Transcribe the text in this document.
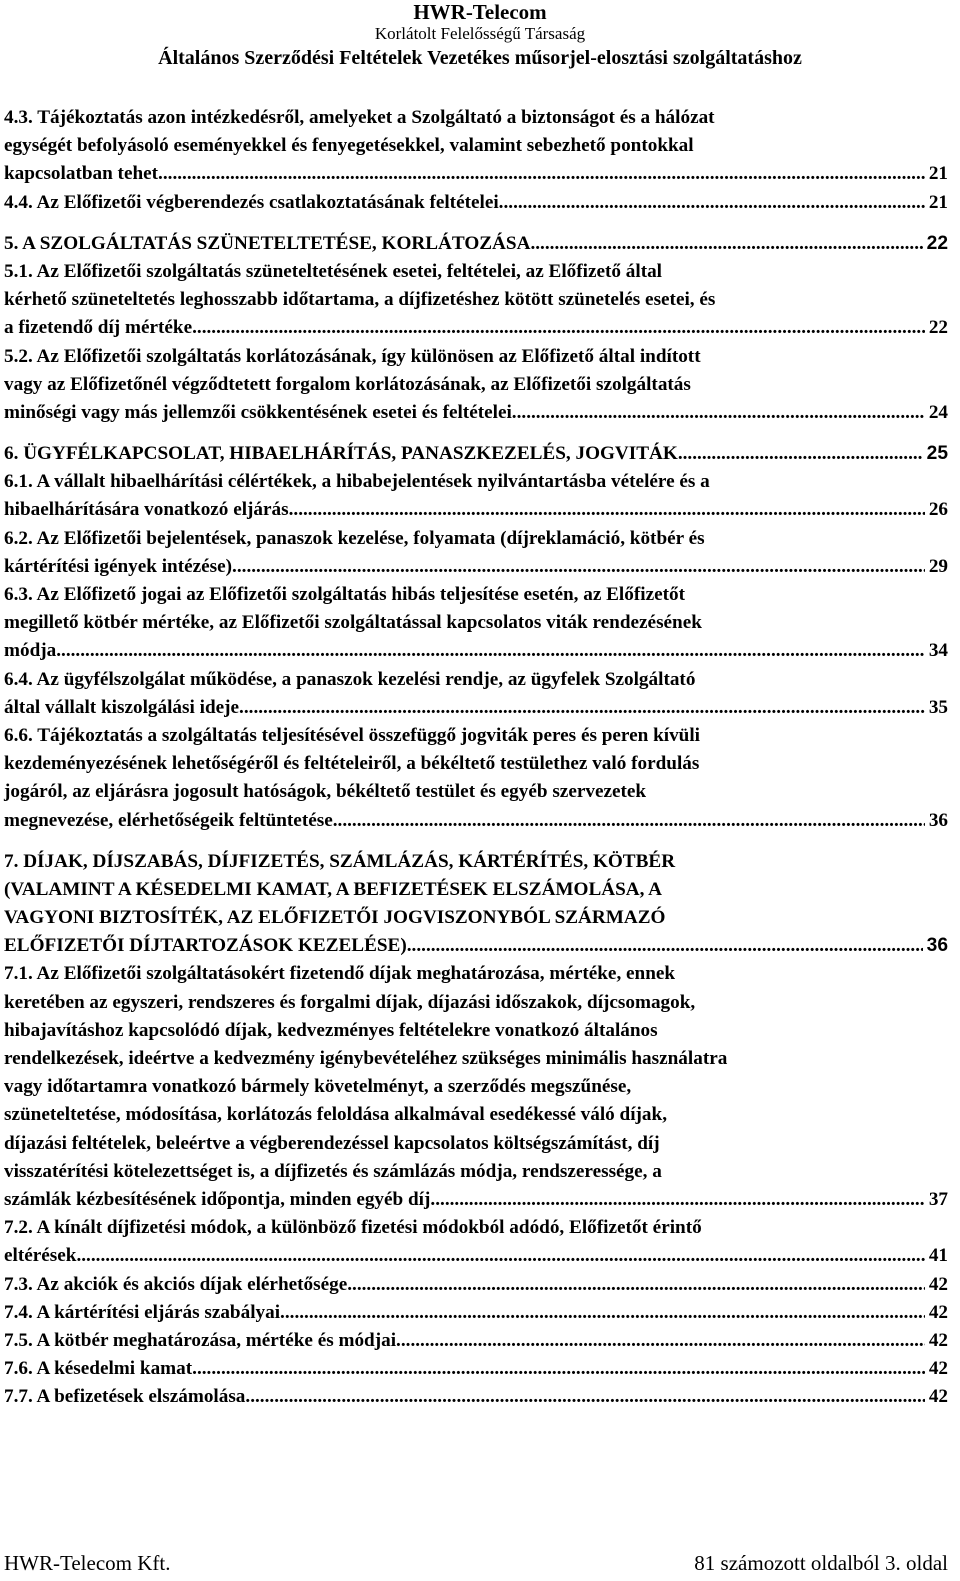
HWR-Telecom
Korlátolt Felelősségű Társaság
Általános Szerződési Feltételek Vezetékes műsorjel-elosztási szolgáltatáshoz
4.3. Tájékoztatás azon intézkedésről, amelyeket a Szolgáltató a biztonságot és a hálózat
egységét befolyásoló eseményekkel és fenyegetésekkel, valamint sebezhető pontokkal
kapcsolatban tehet .....	21
4.4. Az Előfizetői végberendezés csatlakoztatásának feltételei .....	21
5. A SZOLGÁLTATÁS SZÜNETELTETÉSE, KORLÁTOZÁSA .....	22
5.1. Az Előfizetői szolgáltatás szüneteltetésének esetei, feltételei, az Előfizető által
kérhető szüneteltetés leghosszabb időtartama, a díjfizetéshez kötött szünetelés esetei, és
a fizetendő díj mértéke .....	22
5.2. Az Előfizetői szolgáltatás korlátozásának, így különösen az Előfizető által indított
vagy az Előfizetőnél végződtetett forgalom korlátozásának, az Előfizetői szolgáltatás
minőségi vagy más jellemzői csökkentésének esetei és feltételei .....	24
6. ÜGYFÉLKAPCSOLAT, HIBAELHÁRÍTÁS, PANASZKEZELÉS, JOGVITÁK .....	25
6.1. A vállalt hibaelhárítási célértékek, a hibabejelentések nyilvántartásba vételére és a
hibaelhárítására vonatkozó eljárás .....	26
6.2. Az Előfizetői bejelentések, panaszok kezelése, folyamata (díjreklamáció, kötbér és
kártérítési igények intézése) .....	29
6.3. Az Előfizető jogai az Előfizetői szolgáltatás hibás teljesítése esetén, az Előfizetőt
megillető kötbér mértéke, az Előfizetői szolgáltatással kapcsolatos viták rendezésének
módja .....	34
6.4. Az ügyfélszolgálat működése, a panaszok kezelési rendje, az ügyfelek Szolgáltató
által vállalt kiszolgálási ideje .....	35
6.6. Tájékoztatás a szolgáltatás teljesítésével összefüggő jogviták peres és peren kívüli
kezdeményezésének lehetőségéről és feltételeiről, a békéltető testülethez való fordulás
jogáról, az eljárásra jogosult hatóságok, békéltető testület és egyéb szervezetek
megnevezése, elérhetőségeik feltüntetése .....	36
7. DÍJAK, DÍJSZABÁS, DÍJFIZETÉS, SZÁMLÁZÁS, KÁRTÉRÍTÉS, KÖTBÉR
(VALAMINT A KÉSEDELMI KAMAT, A BEFIZETÉSEK ELSZÁMOLÁSA, A
VAGYONI BIZTOSÍTÉK, AZ ELŐFIZETŐI JOGVISZONYBÓL SZÁRMAZÓ
ELŐFIZETŐI DÍJTARTOZÁSOK KEZELÉSE) .....	36
7.1. Az Előfizetői szolgáltatásokért fizetendő díjak meghatározása, mértéke, ennek
keretében az egyszeri, rendszeres és forgalmi díjak, díjazási időszakok, díjcsomagok,
hibajavításhoz kapcsolódó díjak, kedvezményes feltételekre vonatkozó általános
rendelkezések, ideértve a kedvezmény igénybevételéhez szükséges minimális használatra
vagy időtartamra vonatkozó bármely követelményt, a szerződés megszűnése,
szüneteltetése, módosítása, korlátozás feloldása alkalmával esedékessé váló díjak,
díjazási feltételek, beleértve a végberendezéssel kapcsolatos költségszámítást, díj
visszatérítési kötelezettséget is, a díjfizetés és számlázás módja, rendszeressége, a
számlák kézbesítésének időpontja, minden egyéb díj .....	37
7.2. A kínált díjfizetési módok, a különböző fizetési módokból adódó, Előfizetőt érintő
eltérések .....	41
7.3. Az akciók és akciós díjak elérhetősége .....	42
7.4. A kártérítési eljárás szabályai .....	42
7.5. A kötbér meghatározása, mértéke és módjai .....	42
7.6. A késedelmi kamat .....	42
7.7. A befizetések elszámolása .....	42
HWR-Telecom Kft.	81 számozott oldalból 3. oldal
